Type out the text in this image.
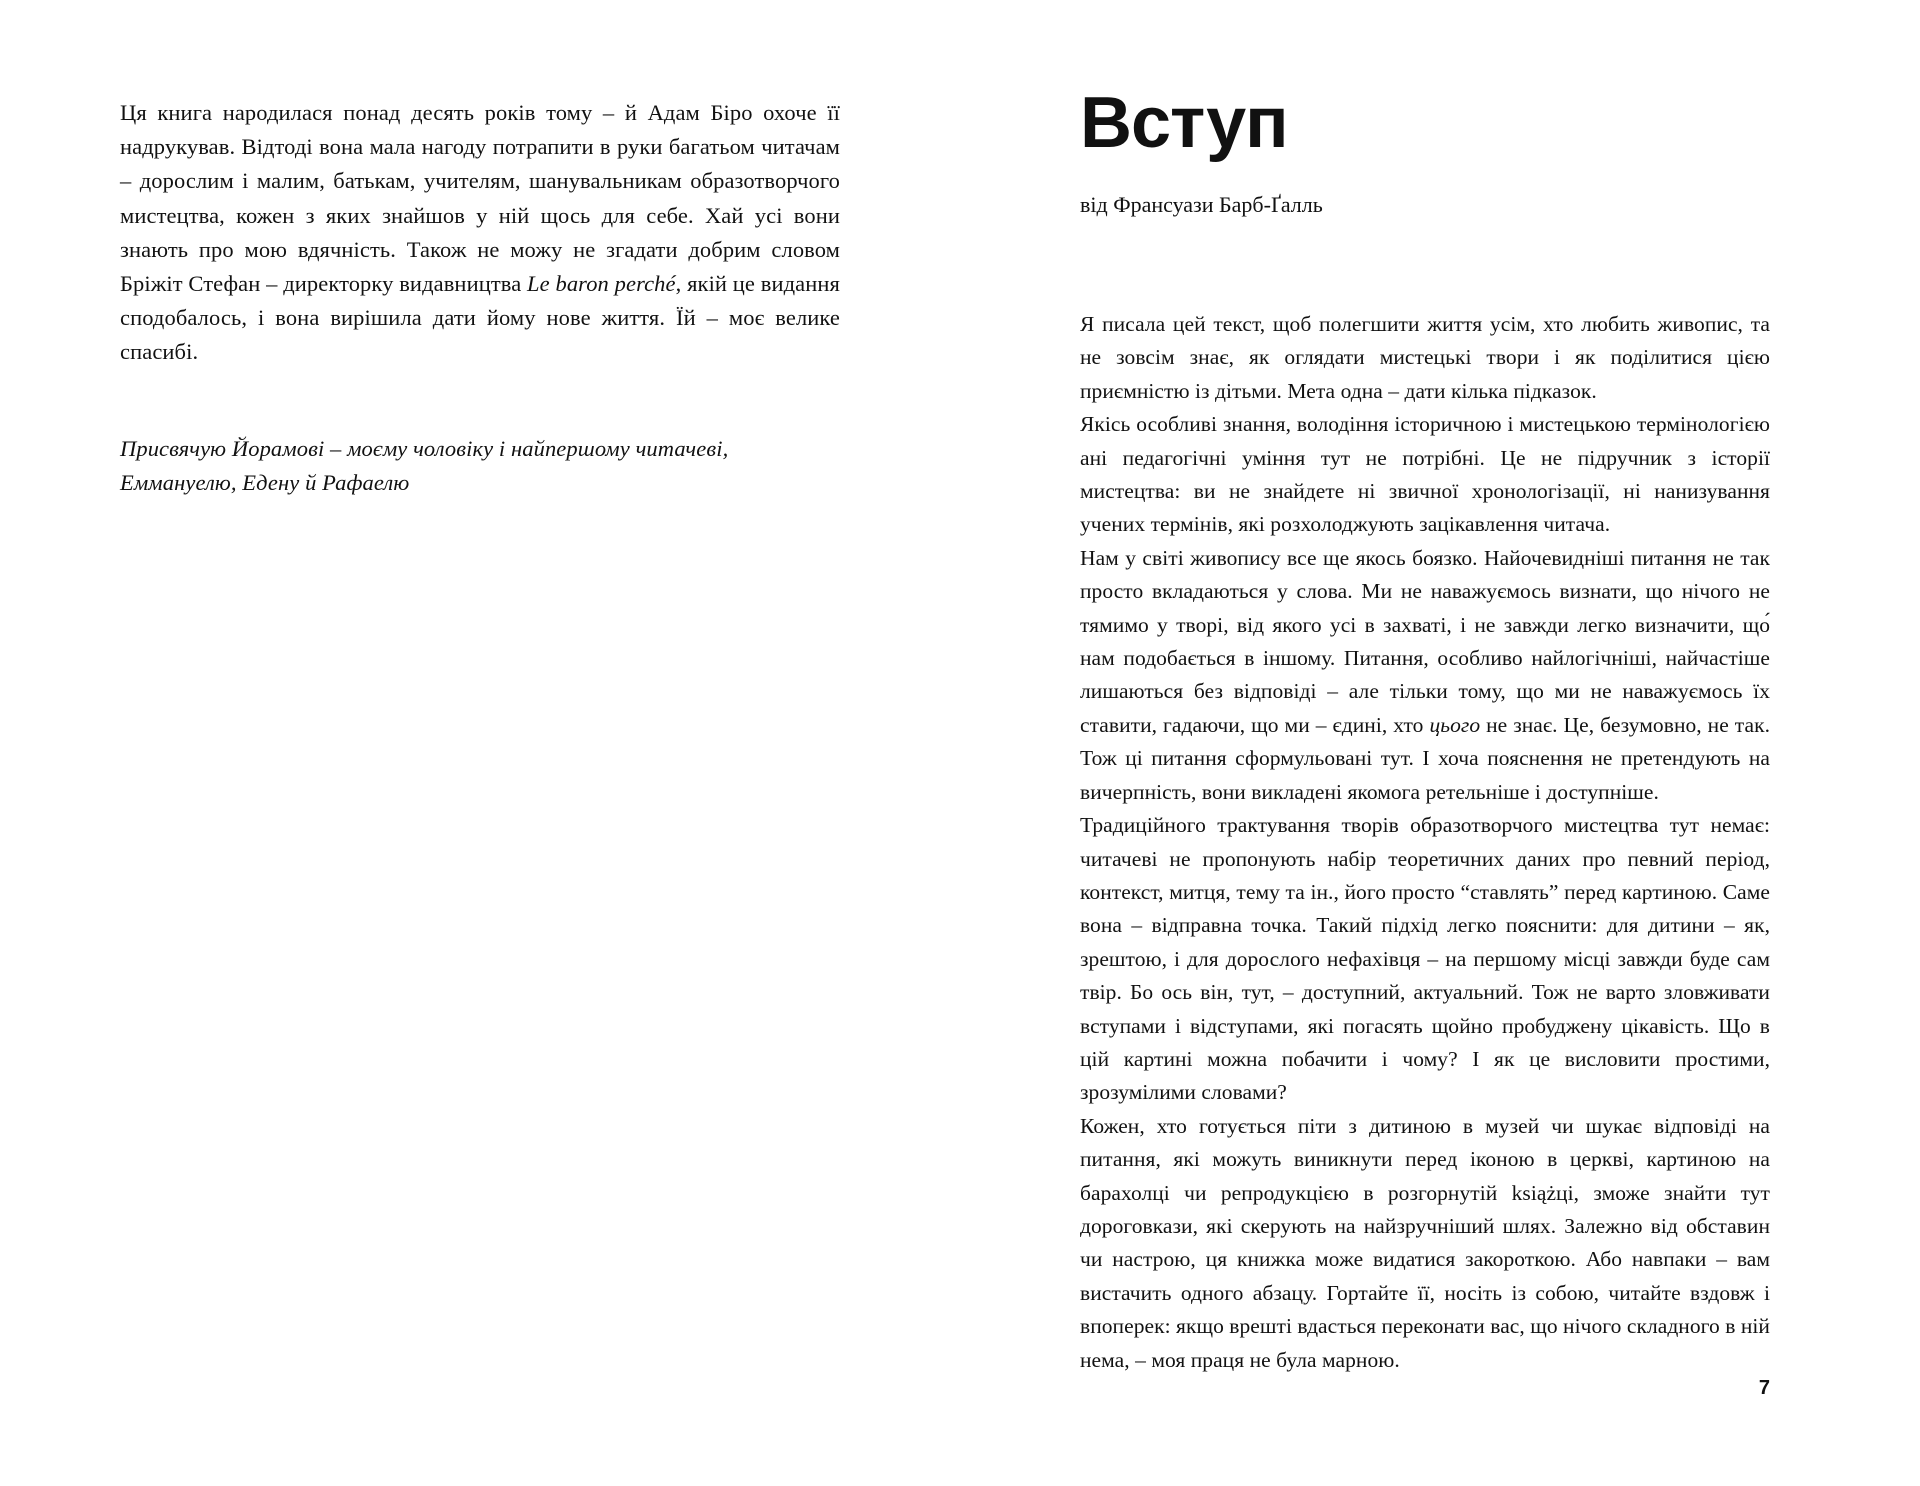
Ця книга народилася понад десять років тому – й Адам Біро охоче її надрукував. Відтоді вона мала нагоду потрапити в руки багатьом читачам – дорослим і малим, батькам, учителям, шанувальникам образотворчого мистецтва, кожен з яких знайшов у ній щось для себе. Хай усі вони знають про мою вдячність. Також не можу не згадати добрим словом Бріжіт Стефан – директорку видавництва Le baron perché, якій це видання сподобалось, і вона вирішила дати йому нове життя. Їй – моє велике спасибі.

Присвячую Йорамові – моєму чоловіку і найпершому читачеві, Еммануелю, Едену й Рафаелю

Вступ

від Франсуази Барб-Ґалль

Я писала цей текст, щоб полегшити життя усім, хто любить живопис, та не зовсім знає, як оглядати мистецькі твори і як поділитися цією приємністю із дітьми. Мета одна – дати кілька підказок.

Якісь особливі знання, володіння історичною і мистецькою термінологією ані педагогічні уміння тут не потрібні. Це не підручник з історії мистецтва: ви не знайдете ні звичної хронологізації, ні нанизування учених термінів, які розхолоджують зацікавлення читача.

Нам у світі живопису все ще якось боязко. Найочевидніші питання не так просто вкладаються у слова. Ми не наважуємось визнати, що нічого не тямимо у творі, від якого усі в захваті, і не завжди легко визначити, що́ нам подобається в іншому. Питання, особливо найлогічніші, найчастіше лишаються без відповіді – але тільки тому, що ми не наважуємось їх ставити, гадаючи, що ми – єдині, хто цього не знає. Це, безумовно, не так. Тож ці питання сформульовані тут. І хоча пояснення не претендують на вичерпність, вони викладені якомога ретельніше і доступніше.

Традиційного трактування творів образотворчого мистецтва тут немає: читачеві не пропонують набір теоретичних даних про певний період, контекст, митця, тему та ін., його просто “ставлять” перед картиною. Саме вона – відправна точка. Такий підхід легко пояснити: для дитини – як, зрештою, і для дорослого нефахівця – на першому місці завжди буде сам твір. Бо ось він, тут, – доступний, актуальний. Тож не варто зловживати вступами і відступами, які погасять щойно пробуджену цікавість. Що в цій картині можна побачити і чому? І як це висловити простими, зрозумілими словами?

Кожен, хто готується піти з дитиною в музей чи шукає відповіді на питання, які можуть виникнути перед іконою в церкві, картиною на барахолці чи репродукцією в розгорнутій książці, зможе знайти тут дороговкази, які скерують на найзручніший шлях. Залежно від обставин чи настрою, ця книжка може видатися закороткою. Або навпаки – вам вистачить одного абзацу. Гортайте її, носіть із собою, читайте вздовж і впоперек: якщо врешті вдасться переконати вас, що нічого складного в ній нема, – моя праця не була марною.

7
